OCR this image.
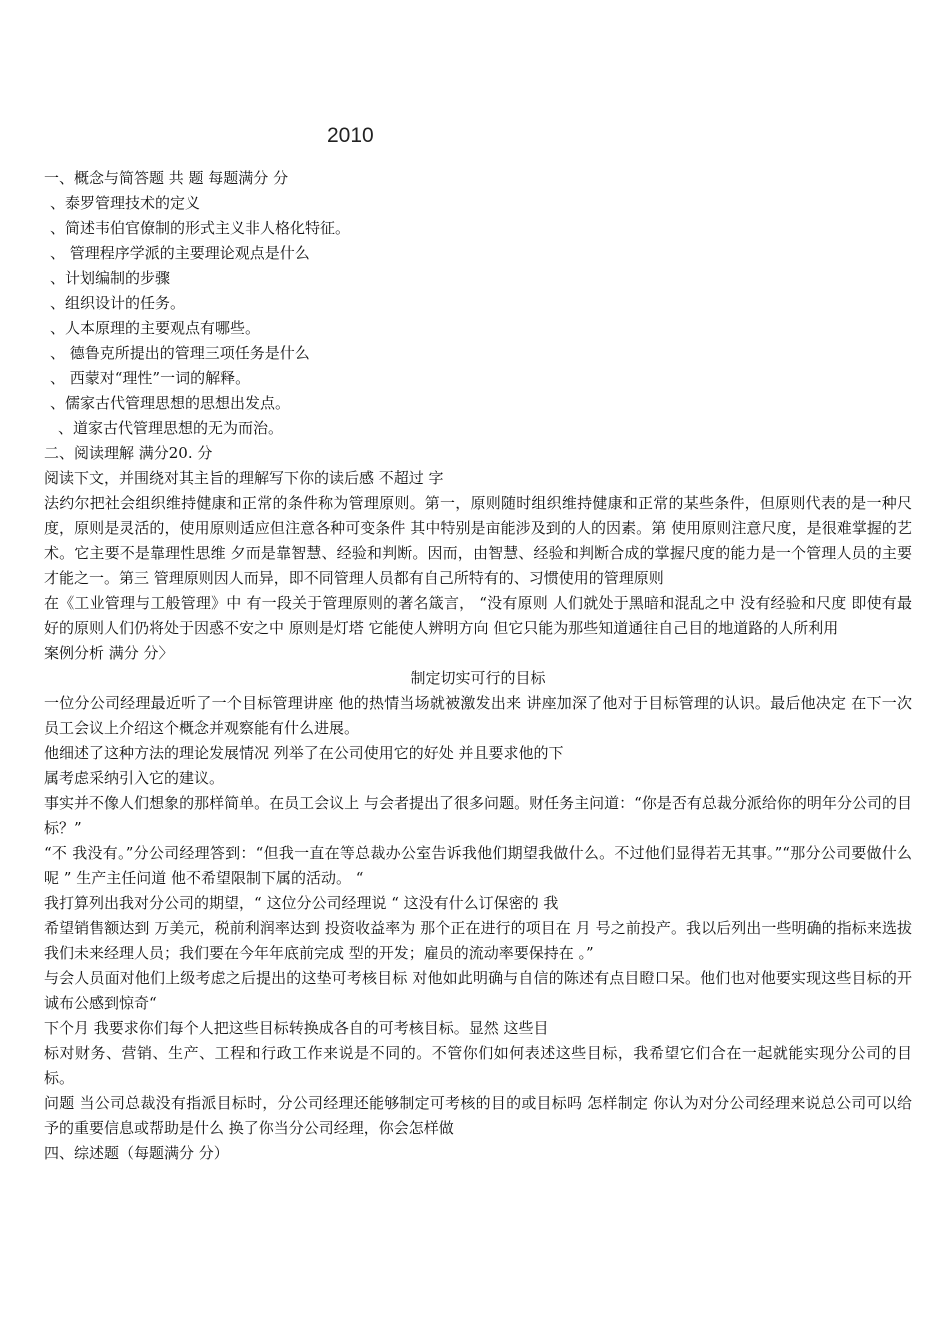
2010
一、概念与简答题 共 题 每题满分 分
、泰罗管理技术的定义
、简述韦伯官僚制的形式主义非人格化特征。
、 管理程序学派的主要理论观点是什么
、计划编制的步骤
、组织设计的任务。
、人本原理的主要观点有哪些。
、 德鲁克所提出的管理三项任务是什么
、 西蒙对“理性”一词的解释。
、儒家古代管理思想的思想出发点。
、道家古代管理思想的无为而治。
二、阅读理解 满分20. 分
阅读下文，并围绕对其主旨的理解写下你的读后感 不超过 字
法约尔把社会组织维持健康和正常的条件称为管理原则。第一，原则随时组织维持健康和正常的某些条件，但原则代表的是一种尺度，原则是灵活的，使用原则适应但注意各种可变条件 其中特别是亩能涉及到的人的因素。第 使用原则注意尺度，是很难掌握的艺术。它主要不是靠理性思维 夕而是靠智慧、经验和判断。因而，由智慧、经验和判断合成的掌握尺度的能力是一个管理人员的主要才能之一。第三 管理原则因人而异，即不同管理人员都有自己所特有的、习惯使用的管理原则
在《工业管理与工般管理》中 有一段关于管理原则的著名箴言， “没有原则 人们就处于黑暗和混乱之中 没有经验和尺度 即使有最好的原则人们仍将处于因惑不安之中 原则是灯塔 它能使人辨明方向 但它只能为那些知道通往自己目的地道路的人所利用
案例分析 满分 分〉
制定切实可行的目标
一位分公司经理最近听了一个目标管理讲座 他的热情当场就被激发出来 讲座加深了他对于目标管理的认识。最后他决定 在下一次员工会议上介绍这个概念并观察能有什么进展。
他细述了这种方法的理论发展情况 列举了在公司使用它的好处 并且要求他的下
属考虑采纳引入它的建议。
事实并不像人们想象的那样简单。在员工会议上 与会者提出了很多问题。财任务主问道：“你是否有总裁分派给你的明年分公司的目标？”
“不 我没有。”分公司经理答到：“但我一直在等总裁办公室告诉我他们期望我做什么。不过他们显得若无其事。”“那分公司要做什么呢 ” 生产主任问道 他不希望限制下属的活动。 “
我打算列出我对分公司的期望，“ 这位分公司经理说 “ 这没有什么订保密的 我
希望销售额达到 万美元，税前利润率达到 投资收益率为 那个正在进行的项目在 月 号之前投产。我以后列出一些明确的指标来选拔我们未来经理人员；我们要在今年年底前完成 型的开发；雇员的流动率要保持在 。”
与会人员面对他们上级考虑之后提出的这垫可考核目标 对他如此明确与自信的陈述有点目瞪口呆。他们也对他要实现这些目标的开诚布公感到惊奇“
下个月 我要求你们每个人把这些目标转换成各自的可考核目标。显然 这些目
标对财务、营销、生产、工程和行政工作来说是不同的。不管你们如何表述这些目标，我希望它们合在一起就能实现分公司的目标。
问题 当公司总裁没有指派目标时，分公司经理还能够制定可考核的目的或目标吗 怎样制定 你认为对分公司经理来说总公司可以给予的重要信息或帮助是什么 换了你当分公司经理，你会怎样做
四、综述题（每题满分 分）
